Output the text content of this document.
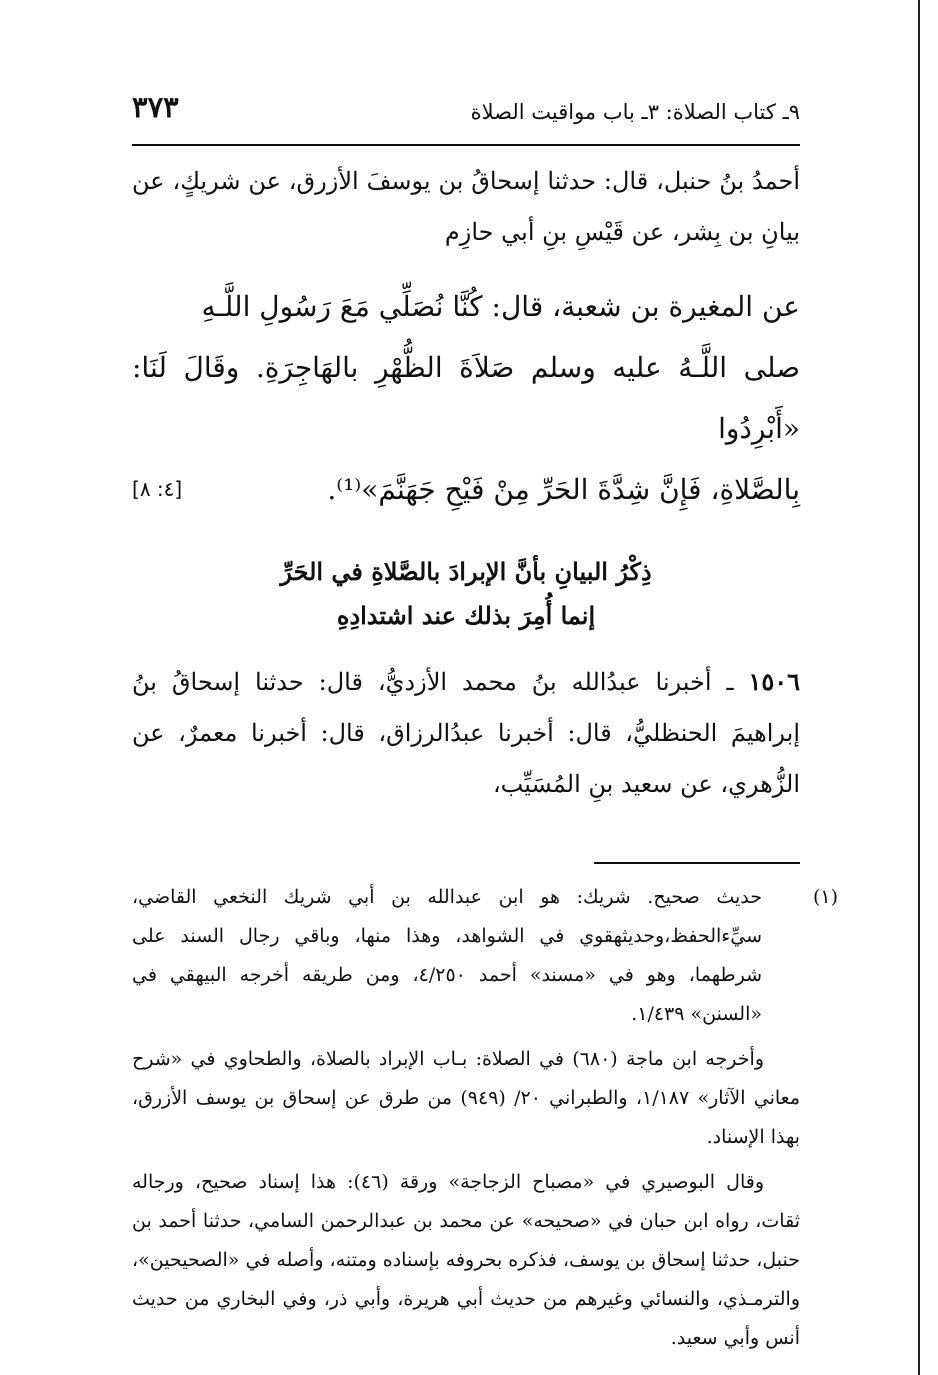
٩ـ كتاب الصلاة: ٣ـ باب مواقيت الصلاة
٣٧٣
أحمدُ بنُ حنبل، قال: حدثنا إسحاقُ بن يوسفَ الأزرق، عن شريكٍ، عن بيانِ بن بِشر، عن قَيْسِ بنِ أبي حازِم
عن المغيرة بن شعبة، قال: كُنَّا نُصَلِّي مَعَ رَسُولِ اللَّـهِ
صلى اللَّـهُ عليه وسلم صَلاَةَ الظُّهْرِ بالهَاجِرَةِ. وقَالَ لَنَا: «أَبْرِدُوا
بِالصَّلاةِ، فَإِنَّ شِدَّةَ الحَرِّ مِنْ فَيْحِ جَهَنَّمَ»⁽¹⁾.
[٤: ٨]
ذِكْرُ البيانِ بأنَّ الإبرادَ بالصَّلاةِ في الحَرِّ
إنما أُمِرَ بذلك عند اشتدادِهِ
١٥٠٦ ـ أخبرنا عبدُالله بنُ محمد الأزديُّ، قال: حدثنا إسحاقُ بنُ إبراهيمَ الحنظليُّ، قال: أخبرنا عبدُالرزاق، قال: أخبرنا معمرٌ، عن الزُّهري، عن سعيد بنِ المُسَيِّب،
(١)حديث صحيح. شريك: هو ابن عبدالله بن أبي شريك النخعي القاضي، سيِّءالحفظ،وحديثهقوي في الشواهد، وهذا منها، وباقي رجال السند على شرطهما، وهو في «مسند» أحمد ٤/٢٥٠، ومن طريقه أخرجه البيهقي في «السنن» ١/٤٣٩.
وأخرجه ابن ماجة (٦٨٠) في الصلاة: بـاب الإبراد بالصلاة، والطحاوي في «شرح معاني الآثار» ١/١٨٧، والطبراني ٢٠/ (٩٤٩) من طرق عن إسحاق بن يوسف الأزرق، بهذا الإسناد.
وقال البوصيري في «مصباح الزجاجة» ورقة (٤٦): هذا إسناد صحيح، ورجاله ثقات، رواه ابن حبان في «صحيحه» عن محمد بن عبدالرحمن السامي، حدثنا أحمد بن حنبل، حدثنا إسحاق بن يوسف، فذكره بحروفه بإسناده ومتنه، وأصله في «الصحيحين»، والترمـذي، والنسائي وغيرهم من حديث أبي هريرة، وأبي ذر، وفي البخاري من حديث أنس وأبي سعيد.
